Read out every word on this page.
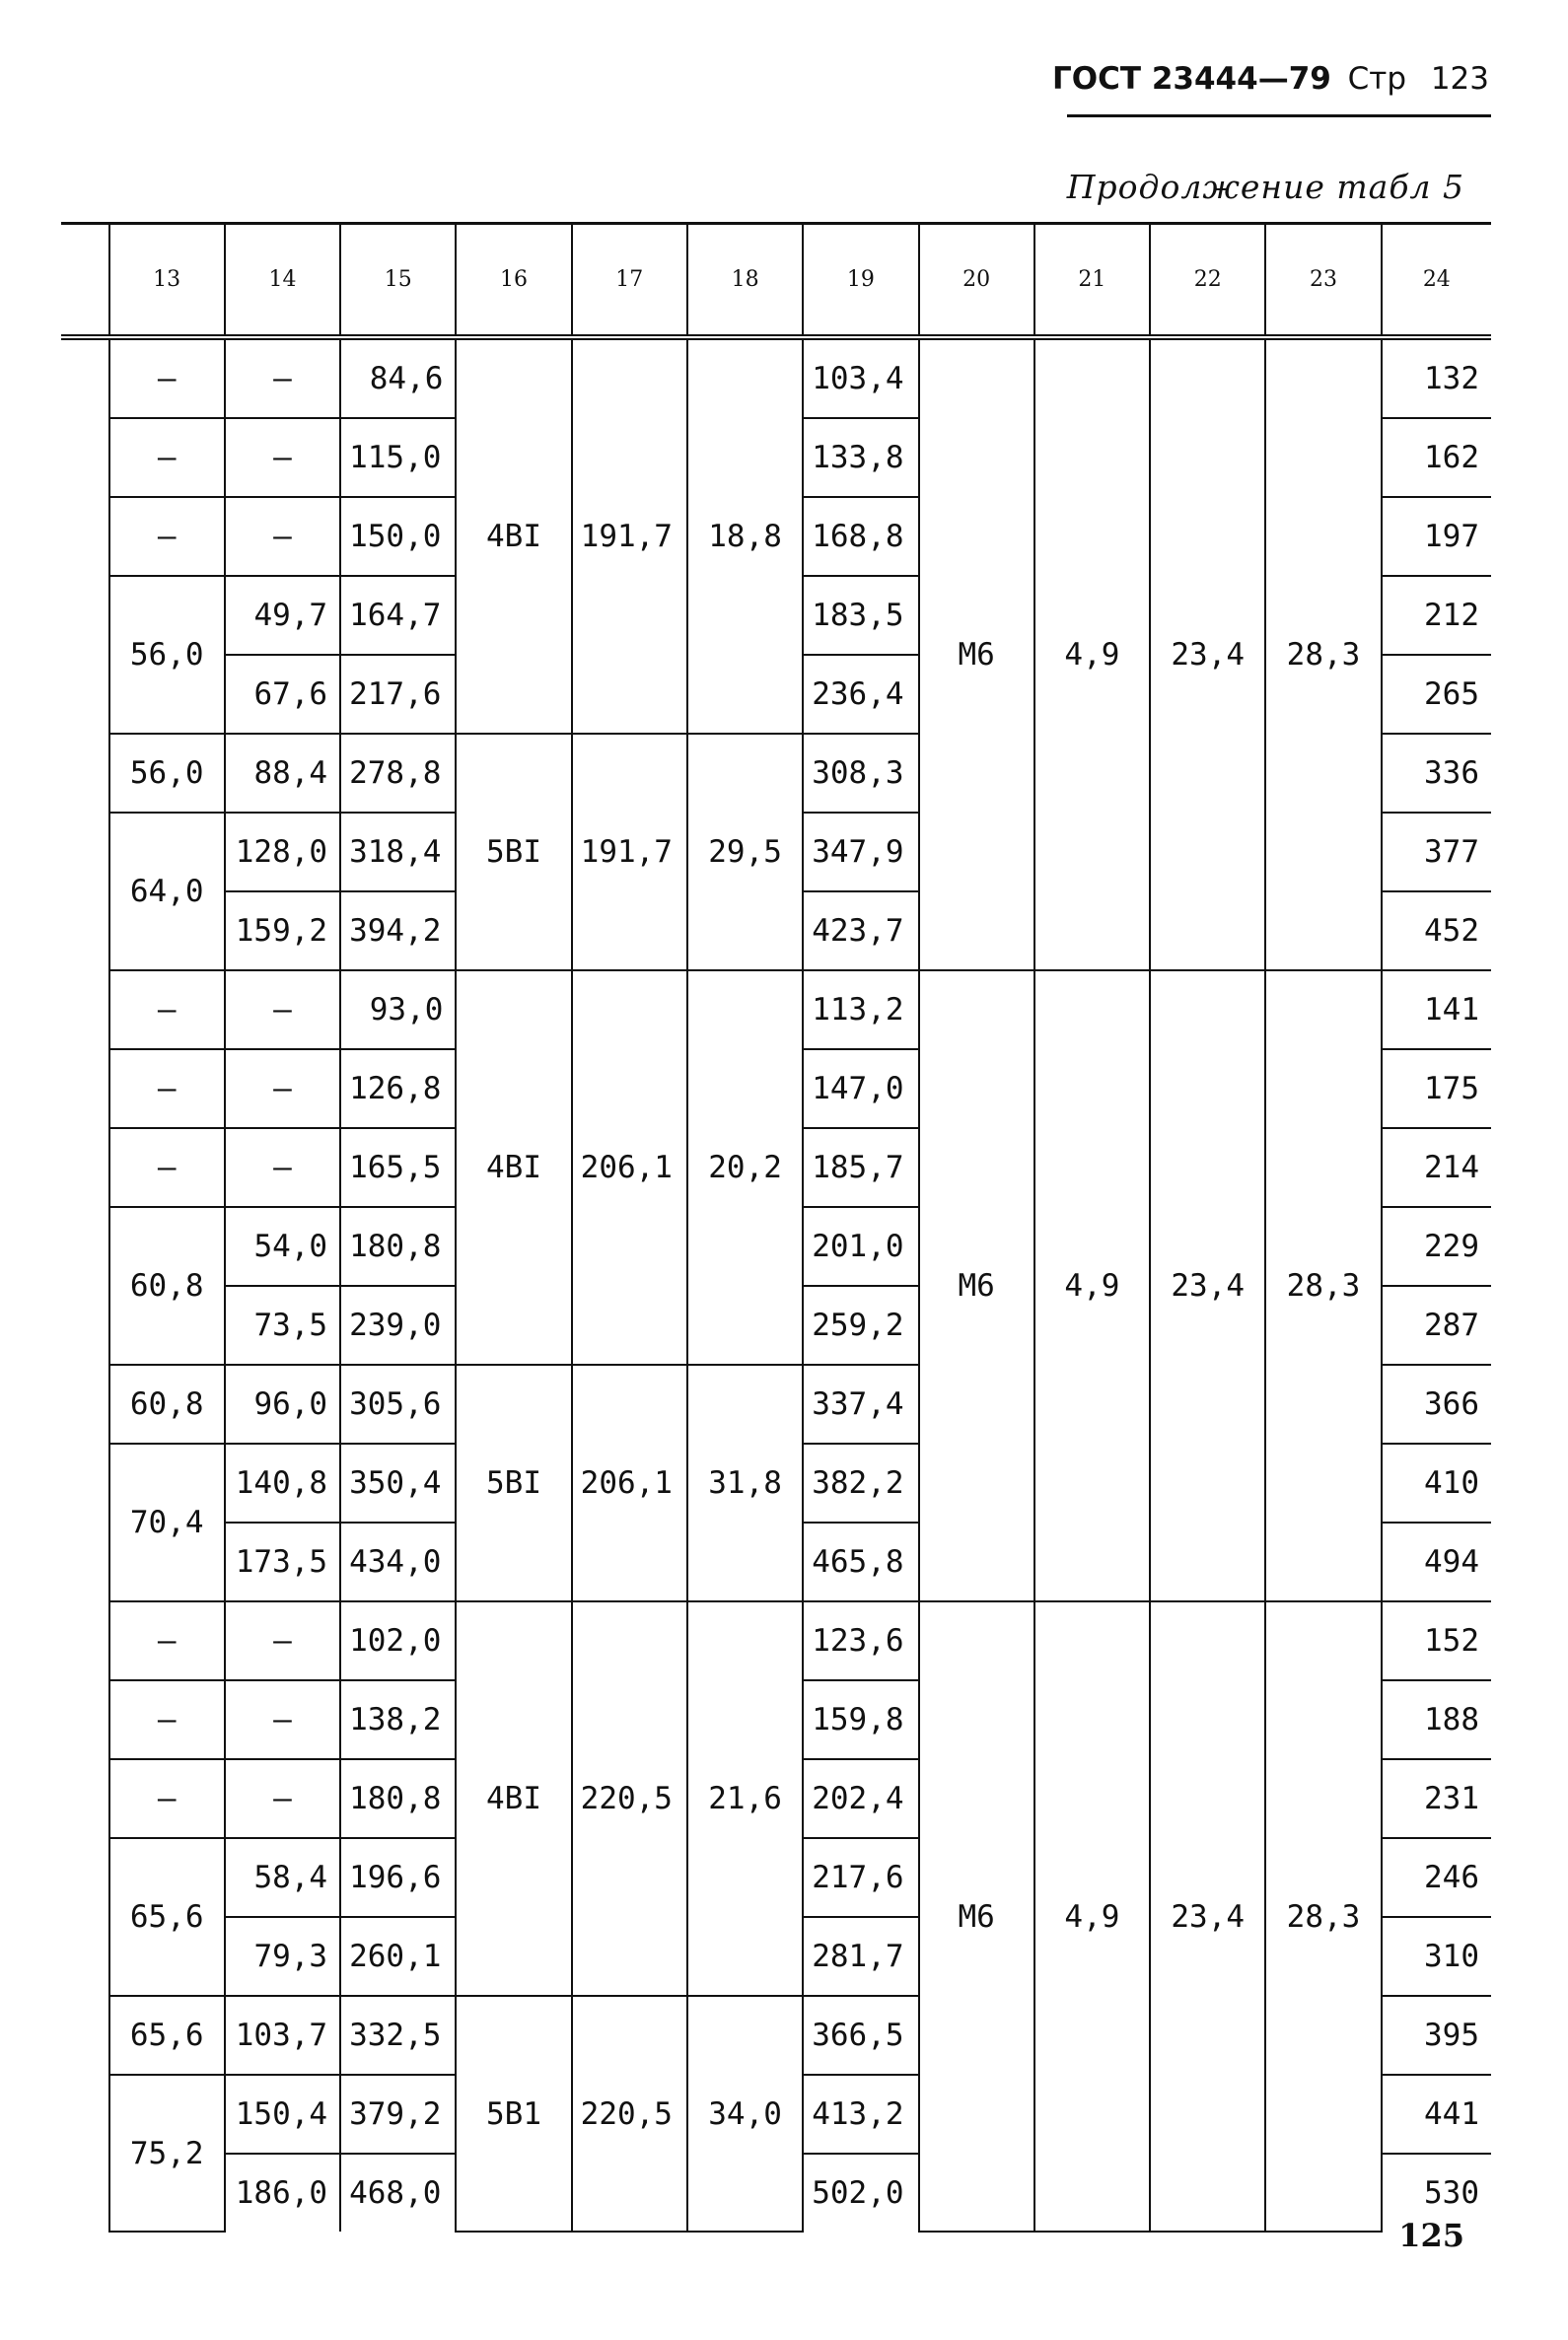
ГОСТ 23444—79 Стр 123
Продолжение табл 5
	13	14	15	16	17	18	19	20	21	22	23	24
	—	—	84,6	4BI	191,7	18,8	103,4	М6	4,9	23,4	28,3	132
	—	—	115,0				133,8					162
	—	—	150,0				168,8					197
	56,0	49,7	164,7				183,5					212
		67,6	217,6				236,4					265
	56,0	88,4	278,8	5BI	191,7	29,5	308,3					336
	64,0	128,0	318,4				347,9					377
		159,2	394,2				423,7					452
	—	—	93,0	4BI	206,1	20,2	113,2	М6	4,9	23,4	28,3	141
	—	—	126,8				147,0					175
	—	—	165,5				185,7					214
	60,8	54,0	180,8				201,0					229
		73,5	239,0				259,2					287
	60,8	96,0	305,6	5BI	206,1	31,8	337,4					366
	70,4	140,8	350,4				382,2					410
		173,5	434,0				465,8					494
	—	—	102,0	4BI	220,5	21,6	123,6	М6	4,9	23,4	28,3	152
	—	—	138,2				159,8					188
	—	—	180,8				202,4					231
	65,6	58,4	196,6				217,6					246
		79,3	260,1				281,7					310
	65,6	103,7	332,5	5B1	220,5	34,0	366,5					395
	75,2	150,4	379,2				413,2					441
		186,0	468,0				502,0					530
125
